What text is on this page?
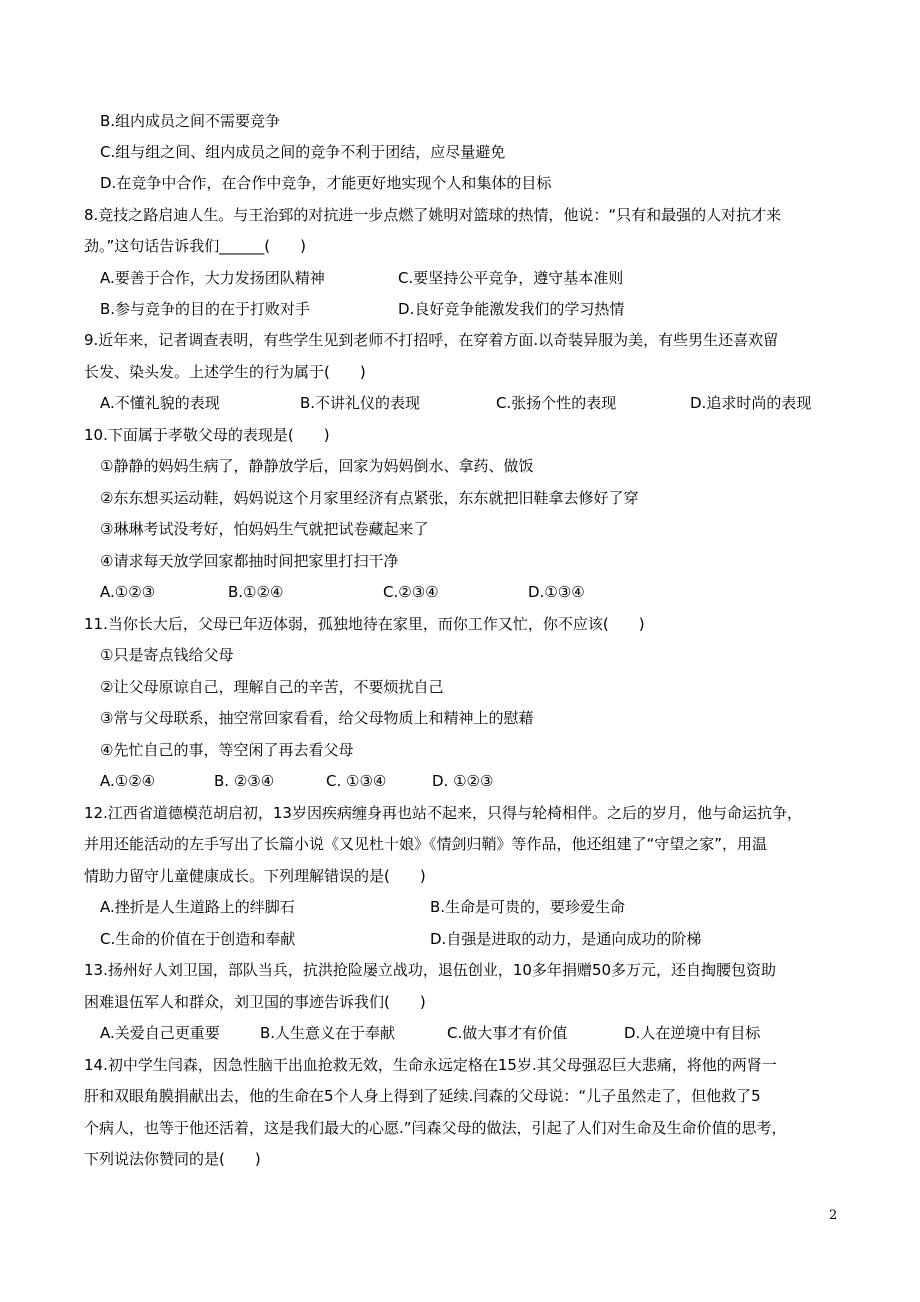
B.组内成员之间不需要竞争
C.组与组之间、组内成员之间的竞争不利于团结，应尽量避免
D.在竞争中合作，在合作中竞争，才能更好地实现个人和集体的目标
8.竞技之路启迪人生。与王治郅的对抗进一步点燃了姚明对篮球的热情，他说：“只有和最强的人对抗才来
劲。”这句话告诉我们______(　　)
A.要善于合作，大力发扬团队精神	C.要坚持公平竞争，遵守基本准则
B.参与竞争的目的在于打败对手	D.良好竞争能激发我们的学习热情
9.近年来，记者调查表明，有些学生见到老师不打招呼，在穿着方面.以奇装异服为美，有些男生还喜欢留
长发、染头发。上述学生的行为属于(　　)
A.不懂礼貌的表现	B.不讲礼仪的表现	C.张扬个性的表现	D.追求时尚的表现
10.下面属于孝敬父母的表现是(　　)
①静静的妈妈生病了，静静放学后，回家为妈妈倒水、拿药、做饭
②东东想买运动鞋，妈妈说这个月家里经济有点紧张，东东就把旧鞋拿去修好了穿
③琳琳考试没考好，怕妈妈生气就把试卷藏起来了
④请求每天放学回家都抽时间把家里打扫干净
A.①②③	B.①②④	C.②③④	D.①③④
11.当你长大后，父母已年迈体弱，孤独地待在家里，而你工作又忙，你不应该(　　)
①只是寄点钱给父母
②让父母原谅自己，理解自己的辛苦，不要烦扰自己
③常与父母联系，抽空常回家看看，给父母物质上和精神上的慰藉
④先忙自己的事，等空闲了再去看父母
A.①②④	B. ②③④	C. ①③④	D. ①②③
12.江西省道德模范胡启初，13岁因疾病缠身再也站不起来，只得与轮椅相伴。之后的岁月，他与命运抗争，
并用还能活动的左手写出了长篇小说《又见杜十娘》《情剑归鞘》等作品，他还组建了“守望之家”，用温
情助力留守儿童健康成长。下列理解错误的是(　　)
A.挫折是人生道路上的绊脚石	B.生命是可贵的，要珍爱生命
C.生命的价值在于创造和奉献	D.自强是进取的动力，是通向成功的阶梯
13.扬州好人刘卫国，部队当兵，抗洪抢险屡立战功，退伍创业，10多年捐赠50多万元，还自掏腰包资助
困难退伍军人和群众，刘卫国的事迹告诉我们(　　)
A.关爱自己更重要	B.人生意义在于奉献	C.做大事才有价值	D.人在逆境中有目标
14.初中学生闫森，因急性脑干出血抢救无效，生命永远定格在15岁.其父母强忍巨大悲痛，将他的两肾一
肝和双眼角膜捐献出去，他的生命在5个人身上得到了延续.闫森的父母说：“儿子虽然走了，但他救了5
个病人，也等于他还活着，这是我们最大的心愿.”闫森父母的做法，引起了人们对生命及生命价值的思考，
下列说法你赞同的是(　　)
2
